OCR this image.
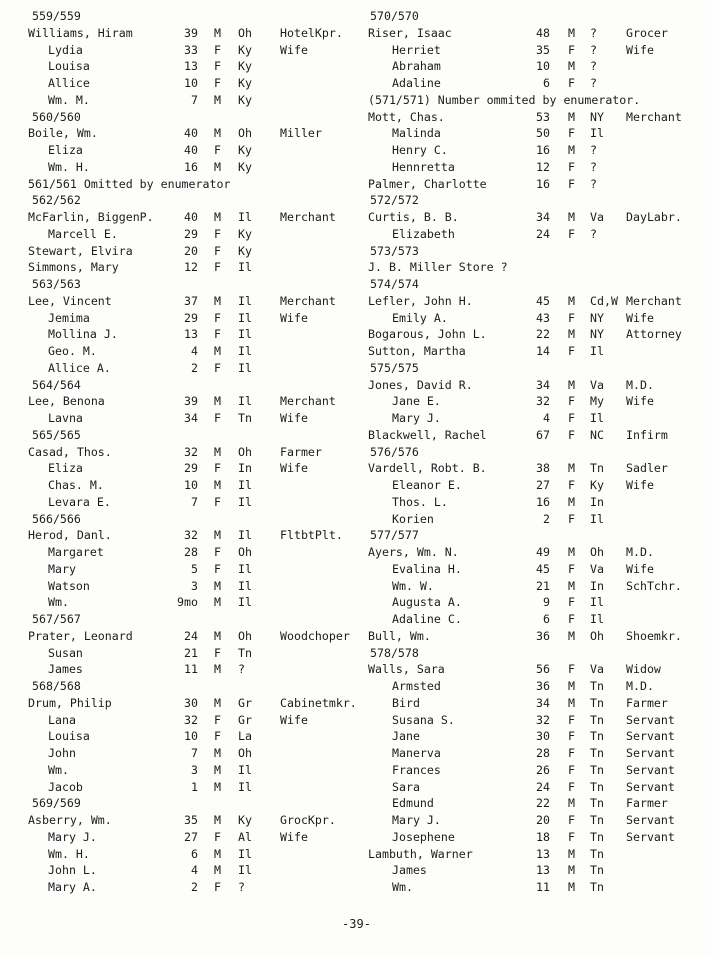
559/559
Williams, Hiram	39 M Oh HotelKpr.
Lydia	33 F Ky Wife
Louisa	13 F Ky
Allice	10 F Ky
Wm. M.	7 M Ky
560/560
Boile, Wm.	40 M Oh Miller
Eliza	40 F Ky
Wm. H.	16 M Ky
561/561 Omitted by enumerator
562/562
McFarlin, BiggenP.	40 M Il Merchant
Marcell E.	29 F Ky
Stewart, Elvira	20 F Ky
Simmons, Mary	12 F Il
563/563
Lee, Vincent	37 M Il Merchant
Jemima	29 F Il Wife
Mollina J.	13 F Il
Geo. M.	4 M Il
Allice A.	2 F Il
564/564
Lee, Benona	39 M Il Merchant
Lavna	34 F Tn Wife
565/565
Casad, Thos.	32 M Oh Farmer
Eliza	29 F In Wife
Chas. M.	10 M Il
Levara E.	7 F Il
566/566
Herod, Danl.	32 M Il FltbtPlt.
Margaret	28 F Oh
Mary	5 F Il
Watson	3 M Il
Wm.	9mo M Il
567/567
Prater, Leonard	24 M Oh Woodchoper
Susan	21 F Tn
James	11 M ?
568/568
Drum, Philip	30 M Gr Cabinetmkr.
Lana	32 F Gr Wife
Louisa	10 F La
John	7 M Oh
Wm.	3 M Il
Jacob	1 M Il
569/569
Asberry, Wm.	35 M Ky GrocKpr.
Mary J.	27 F Al Wife
Wm. H.	6 M Il
John L.	4 M Il
Mary A.	2 F ?
570/570
Riser, Isaac	48 M ?	Grocer
Herriet	35 F ?	Wife
Abraham	10 M ?
Adaline	6 F ?
(571/571) Number ommited by enumerator.
Mott, Chas.	53 M NY Merchant
Malinda	50 F Il
Henry C.	16 M ?
Hennretta	12 F ?
Palmer, Charlotte	16 F ?
572/572
Curtis, B. B.	34 M Va DayLabr.
Elizabeth	24 F ?
573/573
J. B. Miller Store ?
574/574
Lefler, John H.	45 M Cd,W Merchant
Emily A.	43 F NY Wife
Bogarous, John L.	22 M NY Attorney
Sutton, Martha	14 F Il
575/575
Jones, David R.	34 M Va M.D.
Jane E.	32 F My Wife
Mary J.	4 F Il
Blackwell, Rachel	67 F NC Infirm
576/576
Vardell, Robt. B.	38 M Tn Sadler
Eleanor E.	27 F Ky Wife
Thos. L.	16 M In
Korien	2 F Il
577/577
Ayers, Wm. N.	49 M Oh M.D.
Evalina H.	45 F Va Wife
Wm. W.	21 M In SchTchr.
Augusta A.	9 F Il
Adaline C.	6 F Il
Bull, Wm.	36 M Oh Shoemkr.
578/578
Walls, Sara	56 F Va Widow
Armsted	36 M Tn M.D.
Bird	34 M Tn Farmer
Susana S.	32 F Tn Servant
Jane	30 F Tn Servant
Manerva	28 F Tn Servant
Frances	26 F Tn Servant
Sara	24 F Tn Servant
Edmund	22 M Tn Farmer
Mary J.	20 F Tn Servant
Josephene	18 F Tn Servant
Lambuth, Warner	13 M Tn
James	13 M Tn
Wm.	11 M Tn
-39-
